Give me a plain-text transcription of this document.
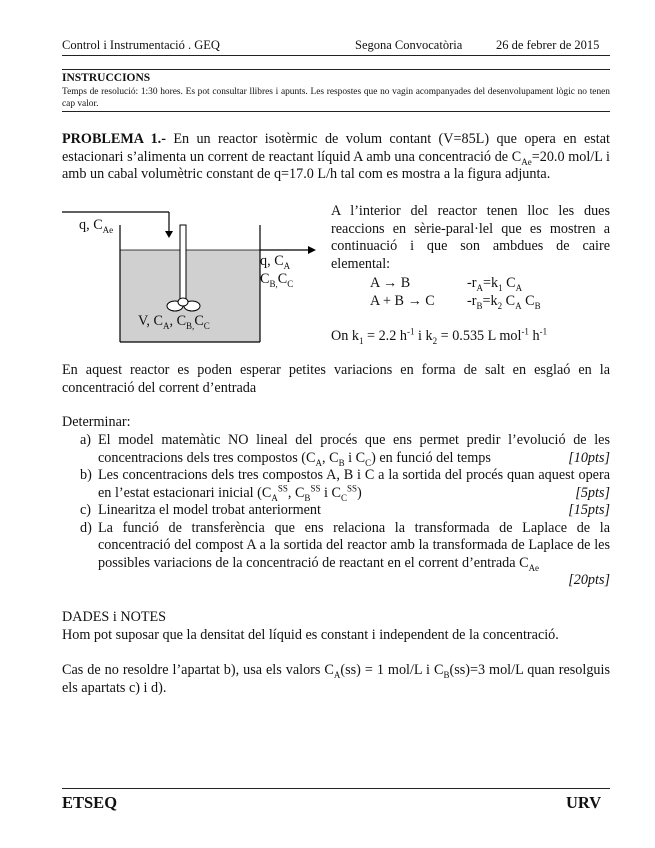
Control i Instrumentació . GEQ	Segona Convocatòria	26 de febrer de 2015
INSTRUCCIONS
Temps de resolució: 1:30 hores. Es pot consultar llibres i apunts. Les respostes que no vagin acompanyades del desenvolupament lògic no tenen cap valor.
PROBLEMA 1.- En un reactor isotèrmic de volum contant (V=85L) que opera en estat estacionari s’alimenta un corrent de reactant líquid A amb una concentració de $C_{Ae}=20.0$ mol/L i amb un cabal volumètric constant de q=17.0 L/h tal com es mostra a la figura adjunta.
q, $C_{Ae}$
q, $C_A$
$C_{B,}C_C$
V, $C_A$, $C_{B,}C_C$
A l’interior del reactor tenen lloc les dues reaccions en sèrie-paral·lel que es mostren a continuació i que son ambdues de caire elemental:
A → B	$-r_A=k_1$ $C_A$
A + B → C $-r_B=k_2$ $C_A$ $C_B$
On $k_1 = 2.2$ $h^{-1}$ i $k_2 = 0.535$ L mol$^{-1}$ $h^{-1}$
En aquest reactor es poden esperar petites variacions en forma de salt en esglaó en la concentració del corrent d’entrada
Determinar:
a) El model matemàtic NO lineal del procés que ens permet predir l’evolució de les concentracions dels tres compostos ($C_A$, $C_B$ i $C_C$) en funció del temps	[10pts]
b) Les concentracions dels tres compostos A, B i C a la sortida del procés quan aquest opera en l’estat estacionari inicial ($C_A^{SS}$, $C_B^{SS}$ i $C_C^{SS}$)	[5pts]
c) Linearitza el model trobat anteriorment	[15pts]
d) La funció de transferència que ens relaciona la transformada de Laplace de la concentració del compost A a la sortida del reactor amb la transformada de Laplace de les possibles variacions de la concentració de reactant en el corrent d’entrada $C_{Ae}$

[20pts]
DADES i NOTES
Hom pot suposar que la densitat del líquid es constant i independent de la concentració.
Cas de no resoldre l’apartat b), usa els valors $C_A(ss) = 1$ mol/L i $C_B(ss)=3$ mol/L quan resolguis els apartats c) i d).
ETSEQ	URV
